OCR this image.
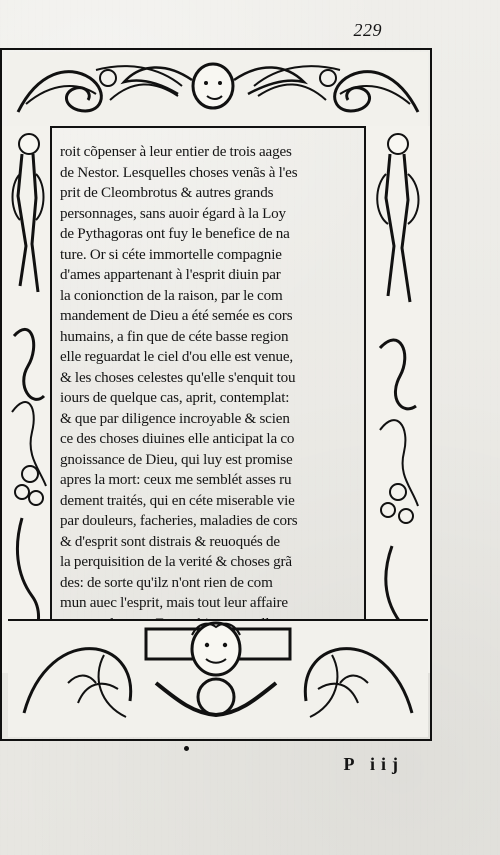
229
roit cõpenser à leur entier de trois aages
de Nestor. Lesquelles choses venãs à l'es
prit de Cleombrotus & autres grands
personnages, sans auoir égard à la Loy
de Pythagoras ont fuy le benefice de na
ture. Or si céte immortelle compagnie
d'ames appartenant à l'esprit diuin par
la conionction de la raison, par le com
mandement de Dieu a été semée es cors
humains, a fin que de céte basse region
elle reguardat le ciel d'ou elle est venue,
& les choses celestes qu'elle s'enquit tou
iours de quelque cas, aprit, contemplat:
& que par diligence incroyable & scien
ce des choses diuines elle anticipat la co
gnoissance de Dieu, qui luy est promise
apres la mort: ceux me semblét asses ru
dement traités, qui en céte miserable vie
par douleurs, facheries, maladies de cors
& d'esprit sont distrais & reuoqués de
la perquisition de la verité & choses grã
des: de sorte qu'ilz n'ont rien de com
mun auec l'esprit, mais tout leur affaire
P iij
